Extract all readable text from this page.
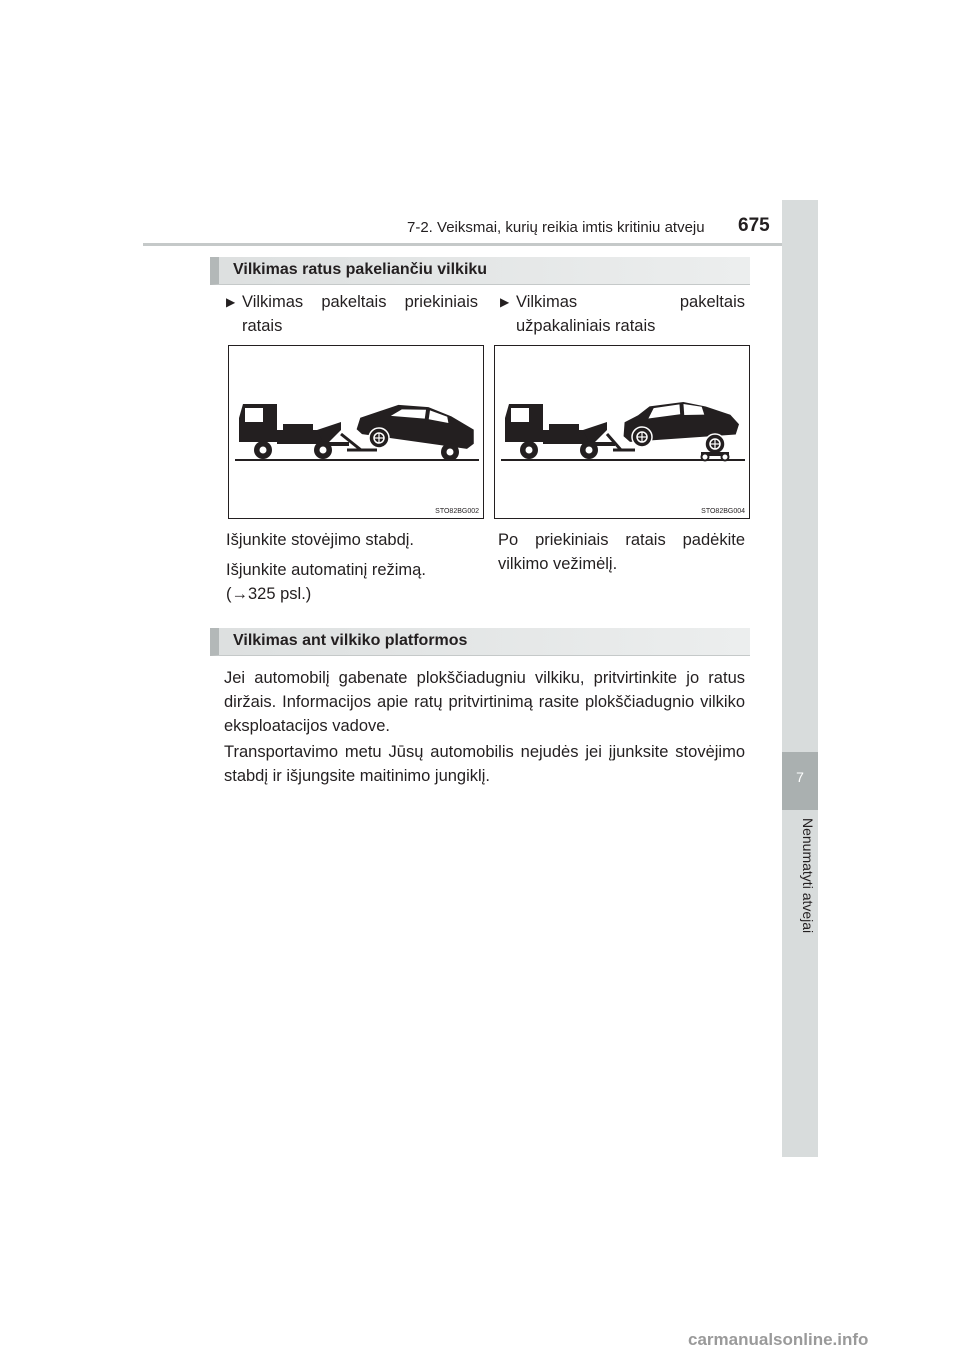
7-2. Veiksmai, kurių reikia imtis kritiniu atveju 675
7
Nenumatyti atvejai
Vilkimas ratus pakeliančiu vilkiku
▶ Vilkimas pakeltais priekiniais ratais
▶ Vilkimas pakeltais užpakaliniais ratais
STO82BG002	STO82BG004
Išjunkite stovėjimo stabdį.
Išjunkite automatinį režimą.
(→325 psl.)
Po priekiniais ratais padėkite vilkimo vežimėlį.
Vilkimas ant vilkiko platformos
Jei automobilį gabenate plokščiadugniu vilkiku, pritvirtinkite jo ratus diržais. Informacijos apie ratų pritvirtinimą rasite plokščiadugnio vilkiko eksploatacijos vadove.
Transportavimo metu Jūsų automobilis nejudės jei įjunksite stovėjimo stabdį ir išjungsite maitinimo jungiklį.
carmanualsonline.info
